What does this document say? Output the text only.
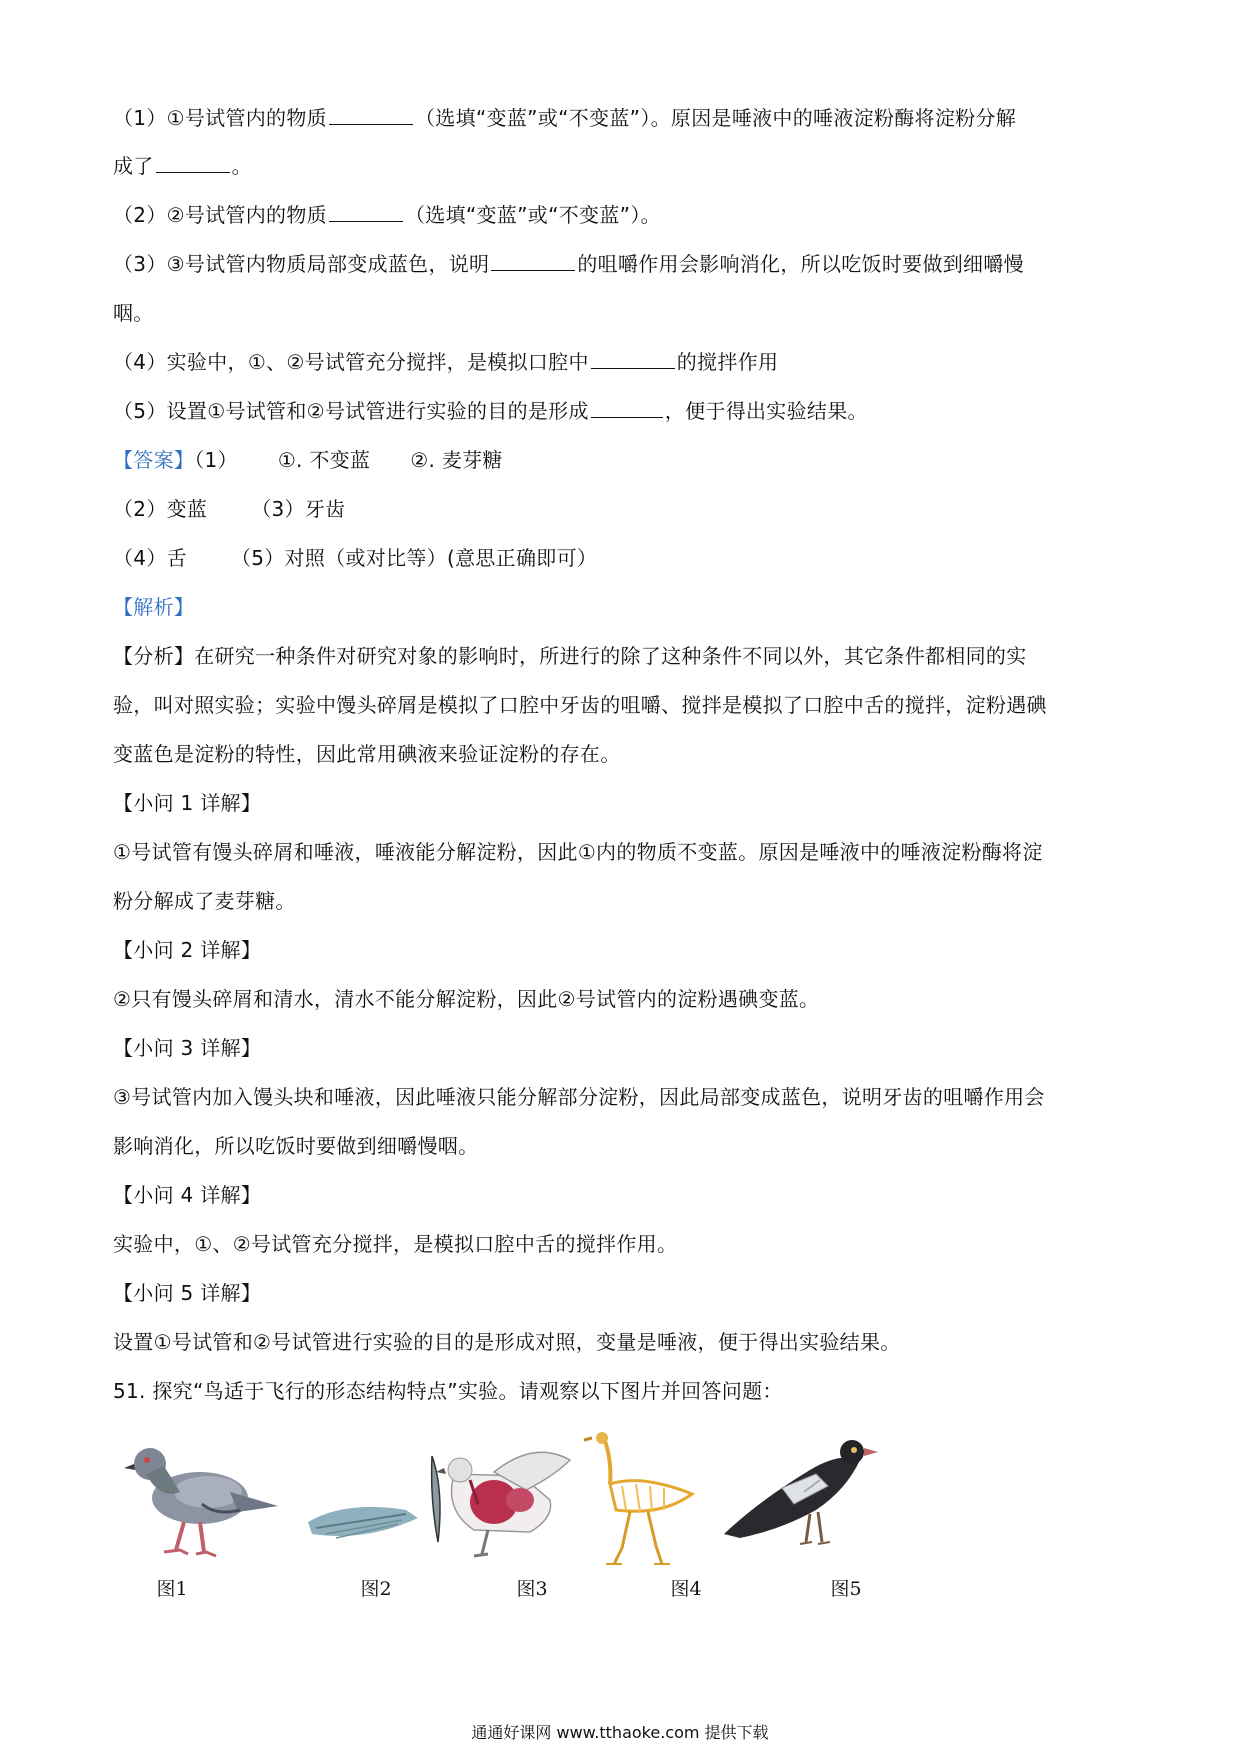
（1）①号试管内的物质	（选填“变蓝”或“不变蓝”）。原因是唾液中的唾液淀粉酶将淀粉分解
成了	。
（2）②号试管内的物质	（选填“变蓝”或“不变蓝”）。
（3）③号试管内物质局部变成蓝色，说明	的咀嚼作用会影响消化，所以吃饭时要做到细嚼慢
咽。
（4）实验中，①、②号试管充分搅拌，是模拟口腔中	的搅拌作用
（5）设置①号试管和②号试管进行实验的目的是形成	，便于得出实验结果。
【答案】（1） ①. 不变蓝 ②. 麦芽糖
（2）变蓝 （3）牙齿
（4）舌 （5）对照（或对比等）(意思正确即可）
【解析】
【分析】在研究一种条件对研究对象的影响时，所进行的除了这种条件不同以外，其它条件都相同的实
验，叫对照实验；实验中馒头碎屑是模拟了口腔中牙齿的咀嚼、搅拌是模拟了口腔中舌的搅拌，淀粉遇碘
变蓝色是淀粉的特性，因此常用碘液来验证淀粉的存在。
【小问 1 详解】
①号试管有馒头碎屑和唾液，唾液能分解淀粉，因此①内的物质不变蓝。原因是唾液中的唾液淀粉酶将淀
粉分解成了麦芽糖。
【小问 2 详解】
②只有馒头碎屑和清水，清水不能分解淀粉，因此②号试管内的淀粉遇碘变蓝。
【小问 3 详解】
③号试管内加入馒头块和唾液，因此唾液只能分解部分淀粉，因此局部变成蓝色，说明牙齿的咀嚼作用会
影响消化，所以吃饭时要做到细嚼慢咽。
【小问 4 详解】
实验中，①、②号试管充分搅拌，是模拟口腔中舌的搅拌作用。
【小问 5 详解】
设置①号试管和②号试管进行实验的目的是形成对照，变量是唾液，便于得出实验结果。
51. 探究“鸟适于飞行的形态结构特点”实验。请观察以下图片并回答问题：
图1	图2	图3	图4	图5
通通好课网 www.tthaoke.com 提供下载
